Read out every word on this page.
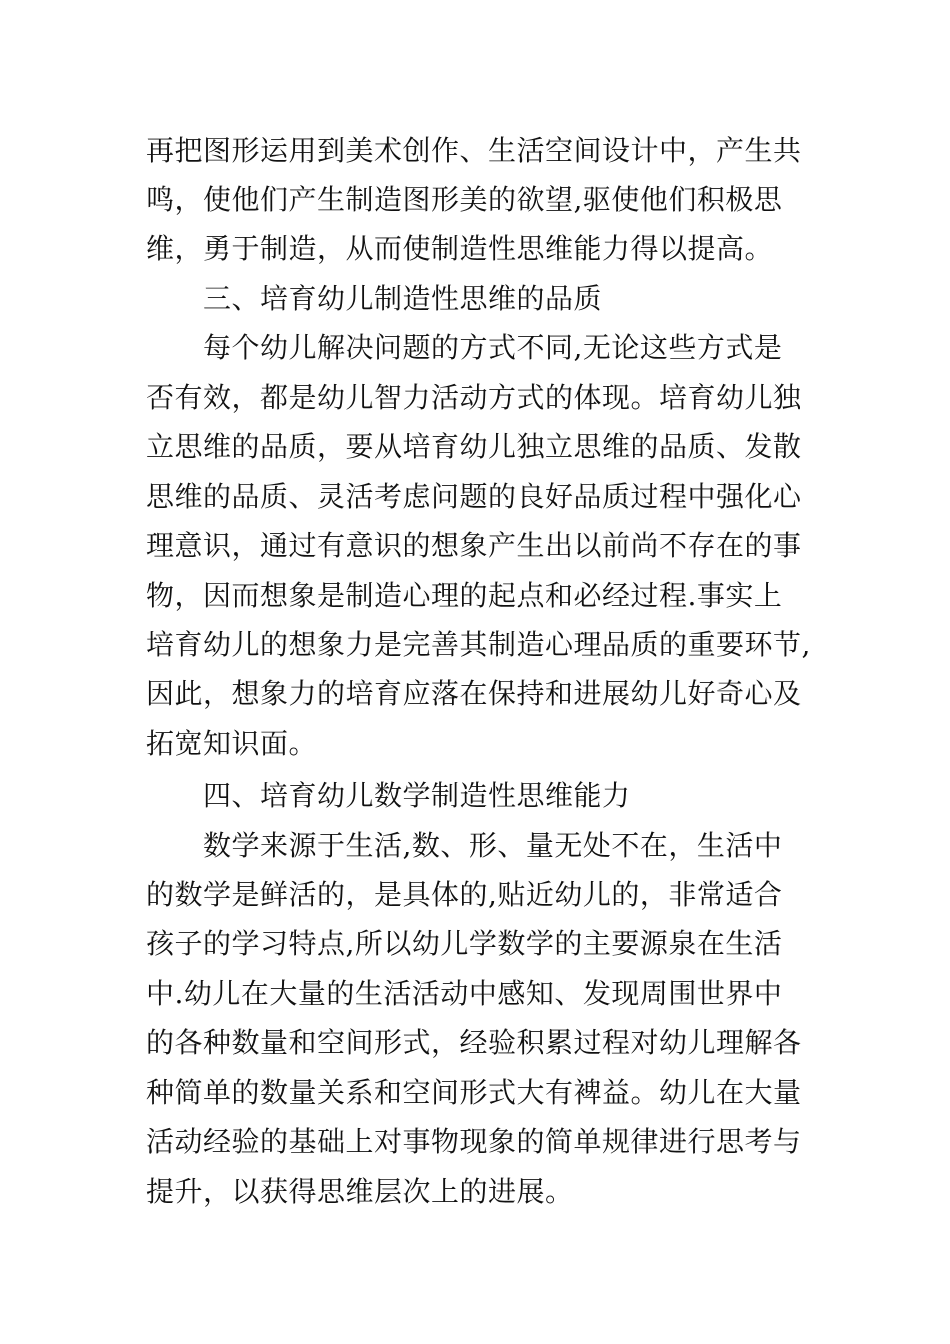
再把图形运用到美术创作、生活空间设计中，产生共
鸣，使他们产生制造图形美的欲望,驱使他们积极思
维，勇于制造，从而使制造性思维能力得以提高。
三、培育幼儿制造性思维的品质
每个幼儿解决问题的方式不同,无论这些方式是
否有效，都是幼儿智力活动方式的体现。培育幼儿独
立思维的品质，要从培育幼儿独立思维的品质、发散
思维的品质、灵活考虑问题的良好品质过程中强化心
理意识，通过有意识的想象产生出以前尚不存在的事
物，因而想象是制造心理的起点和必经过程.事实上
培育幼儿的想象力是完善其制造心理品质的重要环节,
因此，想象力的培育应落在保持和进展幼儿好奇心及
拓宽知识面。
四、培育幼儿数学制造性思维能力
数学来源于生活,数、形、量无处不在，生活中
的数学是鲜活的，是具体的,贴近幼儿的，非常适合
孩子的学习特点,所以幼儿学数学的主要源泉在生活
中.幼儿在大量的生活活动中感知、发现周围世界中
的各种数量和空间形式，经验积累过程对幼儿理解各
种简单的数量关系和空间形式大有裨益。幼儿在大量
活动经验的基础上对事物现象的简单规律进行思考与
提升，以获得思维层次上的进展。
